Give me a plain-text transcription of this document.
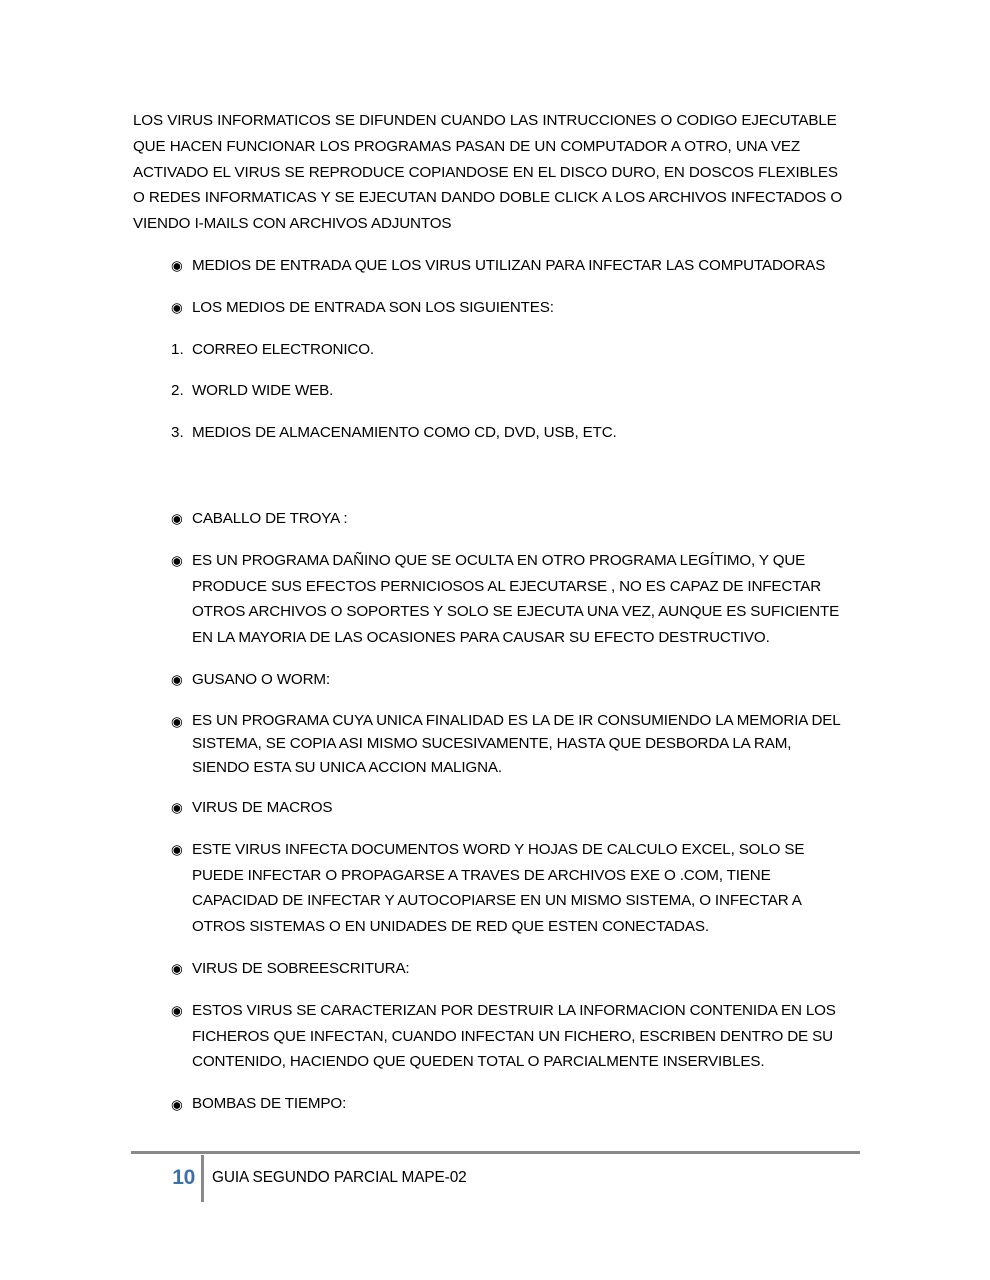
LOS VIRUS INFORMATICOS SE DIFUNDEN CUANDO LAS INTRUCCIONES O CODIGO EJECUTABLE QUE HACEN FUNCIONAR LOS PROGRAMAS PASAN DE UN COMPUTADOR A OTRO, UNA VEZ ACTIVADO EL VIRUS SE REPRODUCE COPIANDOSE EN EL DISCO DURO, EN DOSCOS FLEXIBLES O REDES INFORMATICAS Y SE EJECUTAN DANDO DOBLE CLICK A LOS ARCHIVOS INFECTADOS O VIENDO I-MAILS CON ARCHIVOS ADJUNTOS

◉ MEDIOS DE ENTRADA QUE LOS VIRUS UTILIZAN PARA INFECTAR LAS COMPUTADORAS
◉ LOS MEDIOS DE ENTRADA SON LOS SIGUIENTES:
1. CORREO ELECTRONICO.
2. WORLD WIDE WEB.
3. MEDIOS DE ALMACENAMIENTO COMO CD, DVD, USB, ETC.
◉ CABALLO DE TROYA :
◉ ES UN PROGRAMA DAÑINO QUE SE OCULTA EN OTRO PROGRAMA LEGÍTIMO, Y QUE PRODUCE SUS EFECTOS PERNICIOSOS AL EJECUTARSE , NO ES CAPAZ DE INFECTAR OTROS ARCHIVOS O SOPORTES Y SOLO SE EJECUTA UNA VEZ, AUNQUE ES SUFICIENTE EN LA MAYORIA DE LAS OCASIONES PARA CAUSAR SU EFECTO DESTRUCTIVO.
◉ GUSANO O WORM:
◉ ES UN PROGRAMA CUYA UNICA FINALIDAD ES LA DE IR CONSUMIENDO LA MEMORIA DEL SISTEMA, SE COPIA ASI MISMO SUCESIVAMENTE, HASTA QUE DESBORDA LA RAM, SIENDO ESTA SU UNICA ACCION MALIGNA.
◉ VIRUS DE MACROS
◉ ESTE VIRUS INFECTA DOCUMENTOS WORD Y HOJAS DE CALCULO EXCEL, SOLO SE PUEDE INFECTAR O PROPAGARSE A TRAVES DE ARCHIVOS EXE O .COM, TIENE CAPACIDAD DE INFECTAR Y AUTOCOPIARSE EN UN MISMO SISTEMA, O INFECTAR A OTROS SISTEMAS O EN UNIDADES DE RED QUE ESTEN CONECTADAS.
◉ VIRUS DE SOBREESCRITURA:
◉ ESTOS VIRUS SE CARACTERIZAN POR DESTRUIR LA INFORMACION CONTENIDA EN LOS FICHEROS QUE INFECTAN, CUANDO INFECTAN UN FICHERO, ESCRIBEN DENTRO DE SU CONTENIDO, HACIENDO QUE QUEDEN TOTAL O PARCIALMENTE INSERVIBLES.
◉ BOMBAS DE TIEMPO:
10 GUIA SEGUNDO PARCIAL MAPE-02
